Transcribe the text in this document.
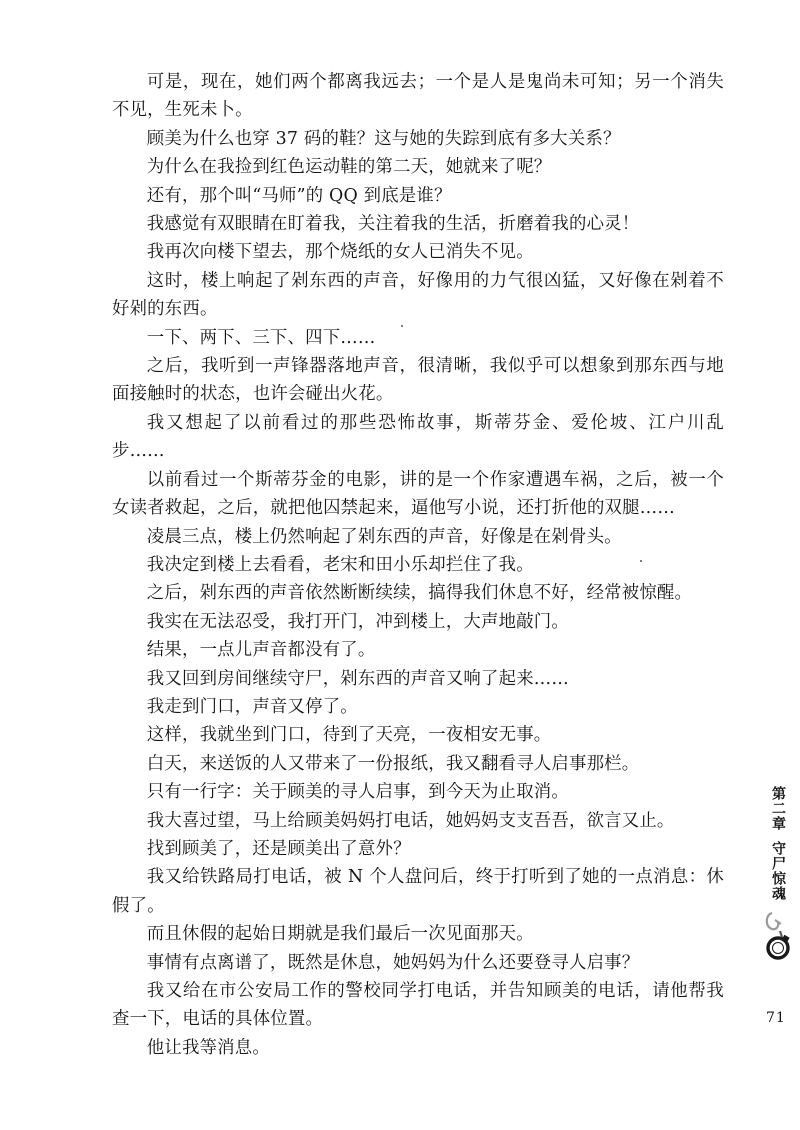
可是，现在，她们两个都离我远去；一个是人是鬼尚未可知；另一个消失不见，生死未卜。

顾美为什么也穿 37 码的鞋？这与她的失踪到底有多大关系？

为什么在我捡到红色运动鞋的第二天，她就来了呢？

还有，那个叫“马师”的 QQ 到底是谁？

我感觉有双眼睛在盯着我，关注着我的生活，折磨着我的心灵！

我再次向楼下望去，那个烧纸的女人已消失不见。

这时，楼上响起了剁东西的声音，好像用的力气很凶猛，又好像在剁着不好剁的东西。

一下、两下、三下、四下……

之后，我听到一声锋器落地声音，很清晰，我似乎可以想象到那东西与地面接触时的状态，也许会碰出火花。

我又想起了以前看过的那些恐怖故事，斯蒂芬金、爱伦坡、江户川乱步……

以前看过一个斯蒂芬金的电影，讲的是一个作家遭遇车祸，之后，被一个女读者救起，之后，就把他囚禁起来，逼他写小说，还打折他的双腿……

凌晨三点，楼上仍然响起了剁东西的声音，好像是在剁骨头。

我决定到楼上去看看，老宋和田小乐却拦住了我。

之后，剁东西的声音依然断断续续，搞得我们休息不好，经常被惊醒。

我实在无法忍受，我打开门，冲到楼上，大声地敲门。

结果，一点儿声音都没有了。

我又回到房间继续守尸，剁东西的声音又响了起来……

我走到门口，声音又停了。

这样，我就坐到门口，待到了天亮，一夜相安无事。

白天，来送饭的人又带来了一份报纸，我又翻看寻人启事那栏。

只有一行字：关于顾美的寻人启事，到今天为止取消。

我大喜过望，马上给顾美妈妈打电话，她妈妈支支吾吾，欲言又止。

找到顾美了，还是顾美出了意外？

我又给铁路局打电话，被 N 个人盘问后，终于打听到了她的一点消息：休假了。

而且休假的起始日期就是我们最后一次见面那天。

事情有点离谱了，既然是休息，她妈妈为什么还要登寻人启事？

我又给在市公安局工作的警校同学打电话，并告知顾美的电话，请他帮我查一下，电话的具体位置。

他让我等消息。

第二章
守尸惊魂
71
